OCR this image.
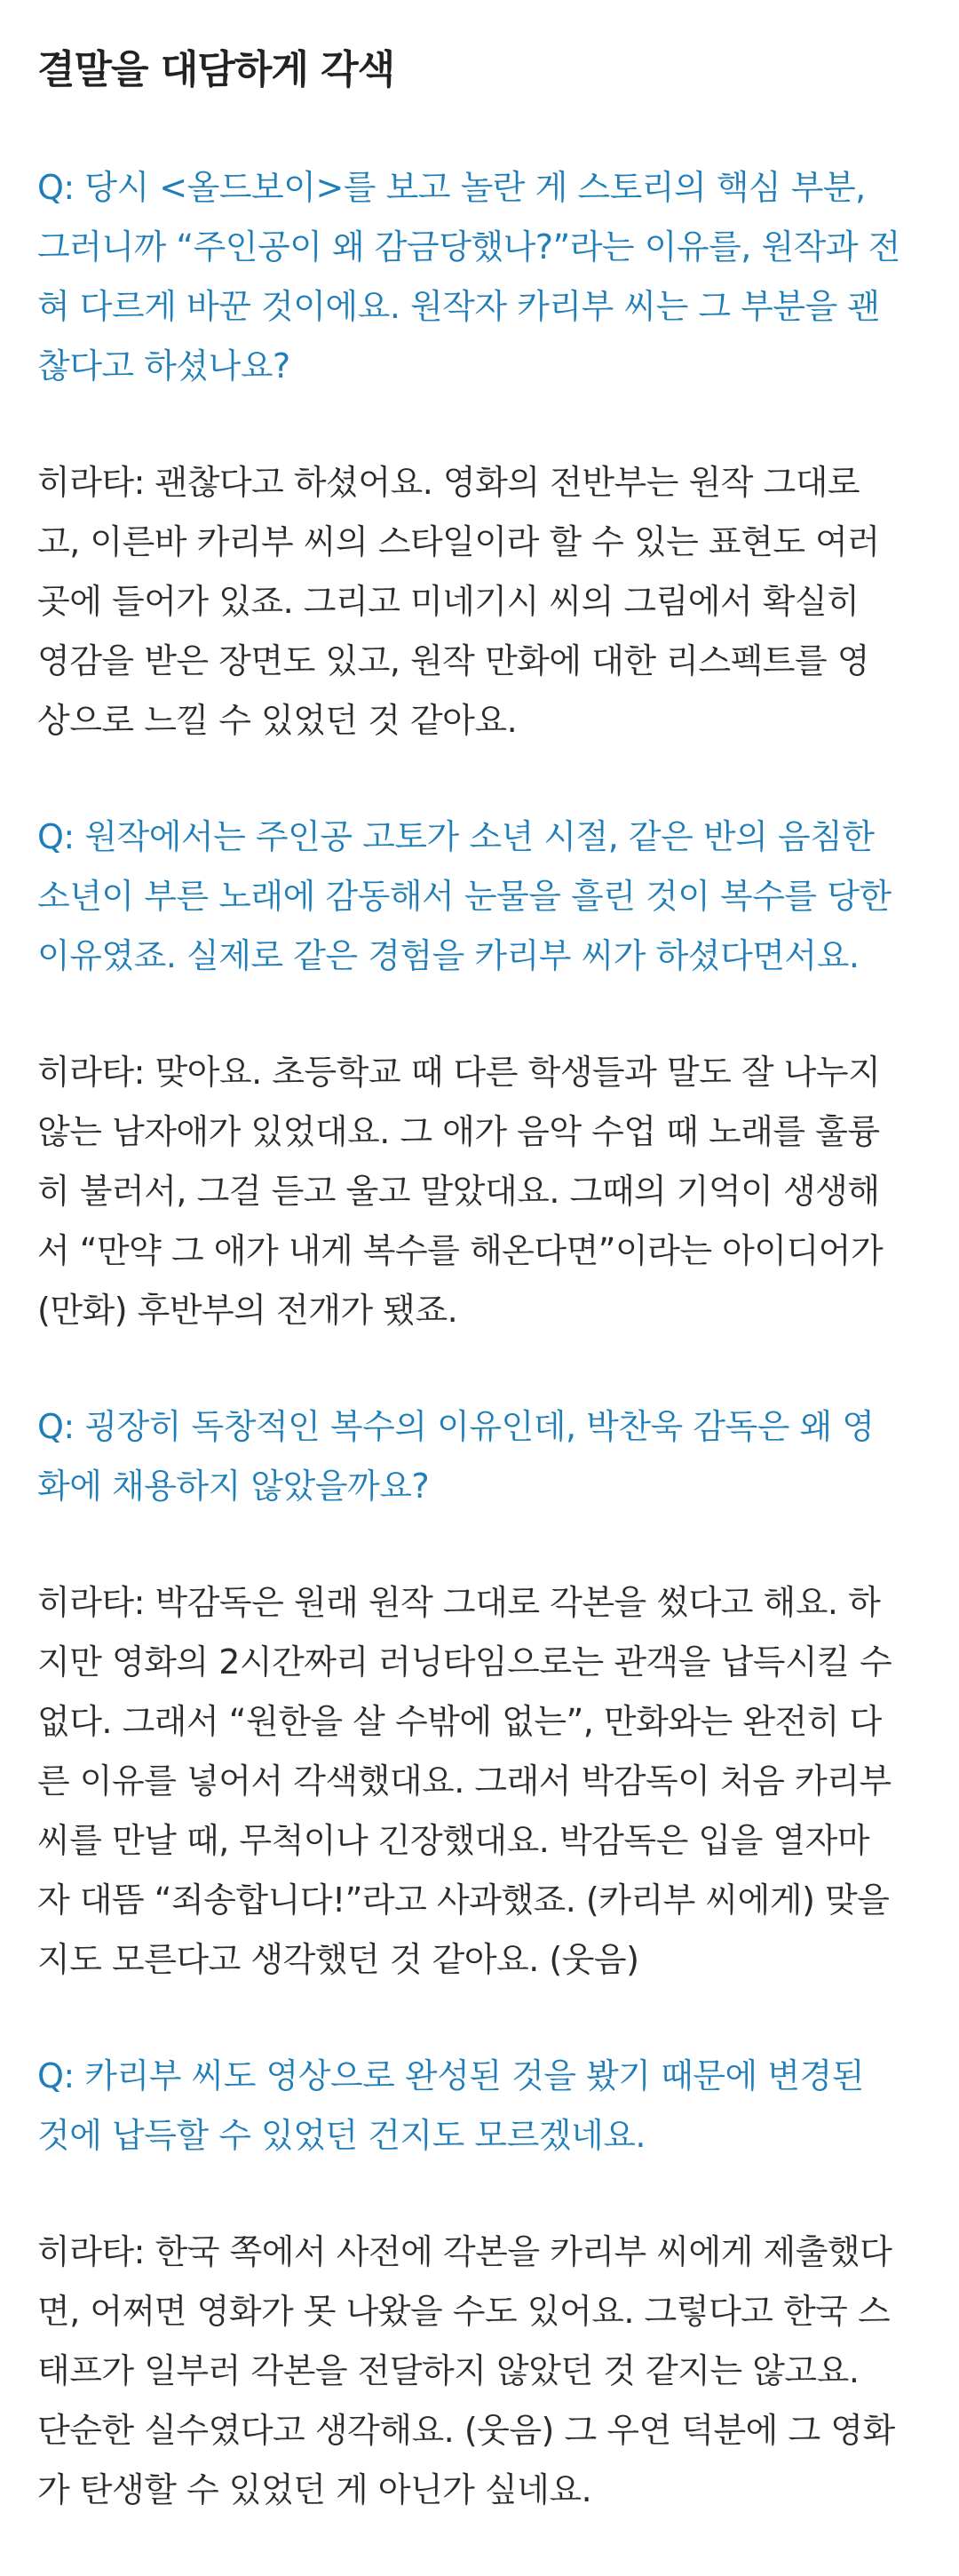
결말을 대담하게 각색

Q: 당시 <올드보이>를 보고 놀란 게 스토리의 핵심 부분,
그러니까 “주인공이 왜 감금당했나?”라는 이유를, 원작과 전
혀 다르게 바꾼 것이에요. 원작자 카리부 씨는 그 부분을 괜
찮다고 하셨나요?

히라타: 괜찮다고 하셨어요. 영화의 전반부는 원작 그대로
고, 이른바 카리부 씨의 스타일이라 할 수 있는 표현도 여러
곳에 들어가 있죠. 그리고 미네기시 씨의 그림에서 확실히
영감을 받은 장면도 있고, 원작 만화에 대한 리스펙트를 영
상으로 느낄 수 있었던 것 같아요.

Q: 원작에서는 주인공 고토가 소년 시절, 같은 반의 음침한
소년이 부른 노래에 감동해서 눈물을 흘린 것이 복수를 당한
이유였죠. 실제로 같은 경험을 카리부 씨가 하셨다면서요.

히라타: 맞아요. 초등학교 때 다른 학생들과 말도 잘 나누지
않는 남자애가 있었대요. 그 애가 음악 수업 때 노래를 훌륭
히 불러서, 그걸 듣고 울고 말았대요. 그때의 기억이 생생해
서 “만약 그 애가 내게 복수를 해온다면”이라는 아이디어가
(만화) 후반부의 전개가 됐죠.

Q: 굉장히 독창적인 복수의 이유인데, 박찬욱 감독은 왜 영
화에 채용하지 않았을까요?

히라타: 박감독은 원래 원작 그대로 각본을 썼다고 해요. 하
지만 영화의 2시간짜리 러닝타임으로는 관객을 납득시킬 수
없다. 그래서 “원한을 살 수밖에 없는”, 만화와는 완전히 다
른 이유를 넣어서 각색했대요. 그래서 박감독이 처음 카리부
씨를 만날 때, 무척이나 긴장했대요. 박감독은 입을 열자마
자 대뜸 “죄송합니다!”라고 사과했죠. (카리부 씨에게) 맞을
지도 모른다고 생각했던 것 같아요. (웃음)

Q: 카리부 씨도 영상으로 완성된 것을 봤기 때문에 변경된
것에 납득할 수 있었던 건지도 모르겠네요.

히라타: 한국 쪽에서 사전에 각본을 카리부 씨에게 제출했다
면, 어쩌면 영화가 못 나왔을 수도 있어요. 그렇다고 한국 스
태프가 일부러 각본을 전달하지 않았던 것 같지는 않고요.
단순한 실수였다고 생각해요. (웃음) 그 우연 덕분에 그 영화
가 탄생할 수 있었던 게 아닌가 싶네요.
